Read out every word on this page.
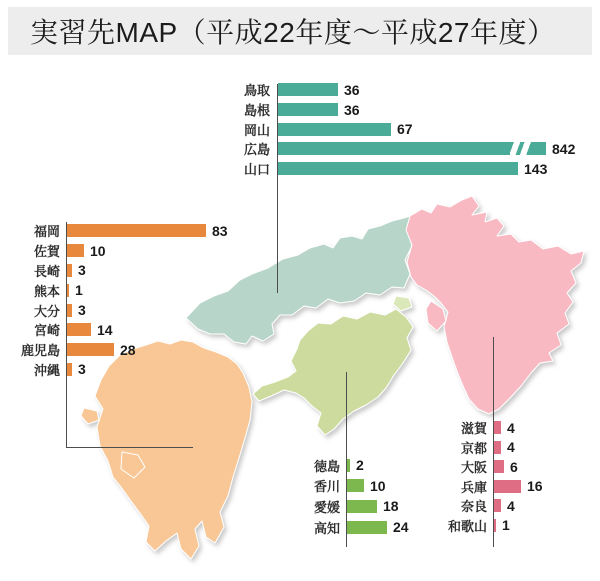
実習先MAP（平成22年度～平成27年度）
鳥取	36
島根	36
岡山	67
広島	842
山口	143
福岡	83
佐賀 10
長崎 3
熊本 1
大分 3
宮崎	14
鹿児島	28
沖縄 3
徳島 2
香川 10
愛媛	18
高知	24
滋賀 4
京都 4
大阪 6
兵庫	16
奈良 4
和歌山 1
